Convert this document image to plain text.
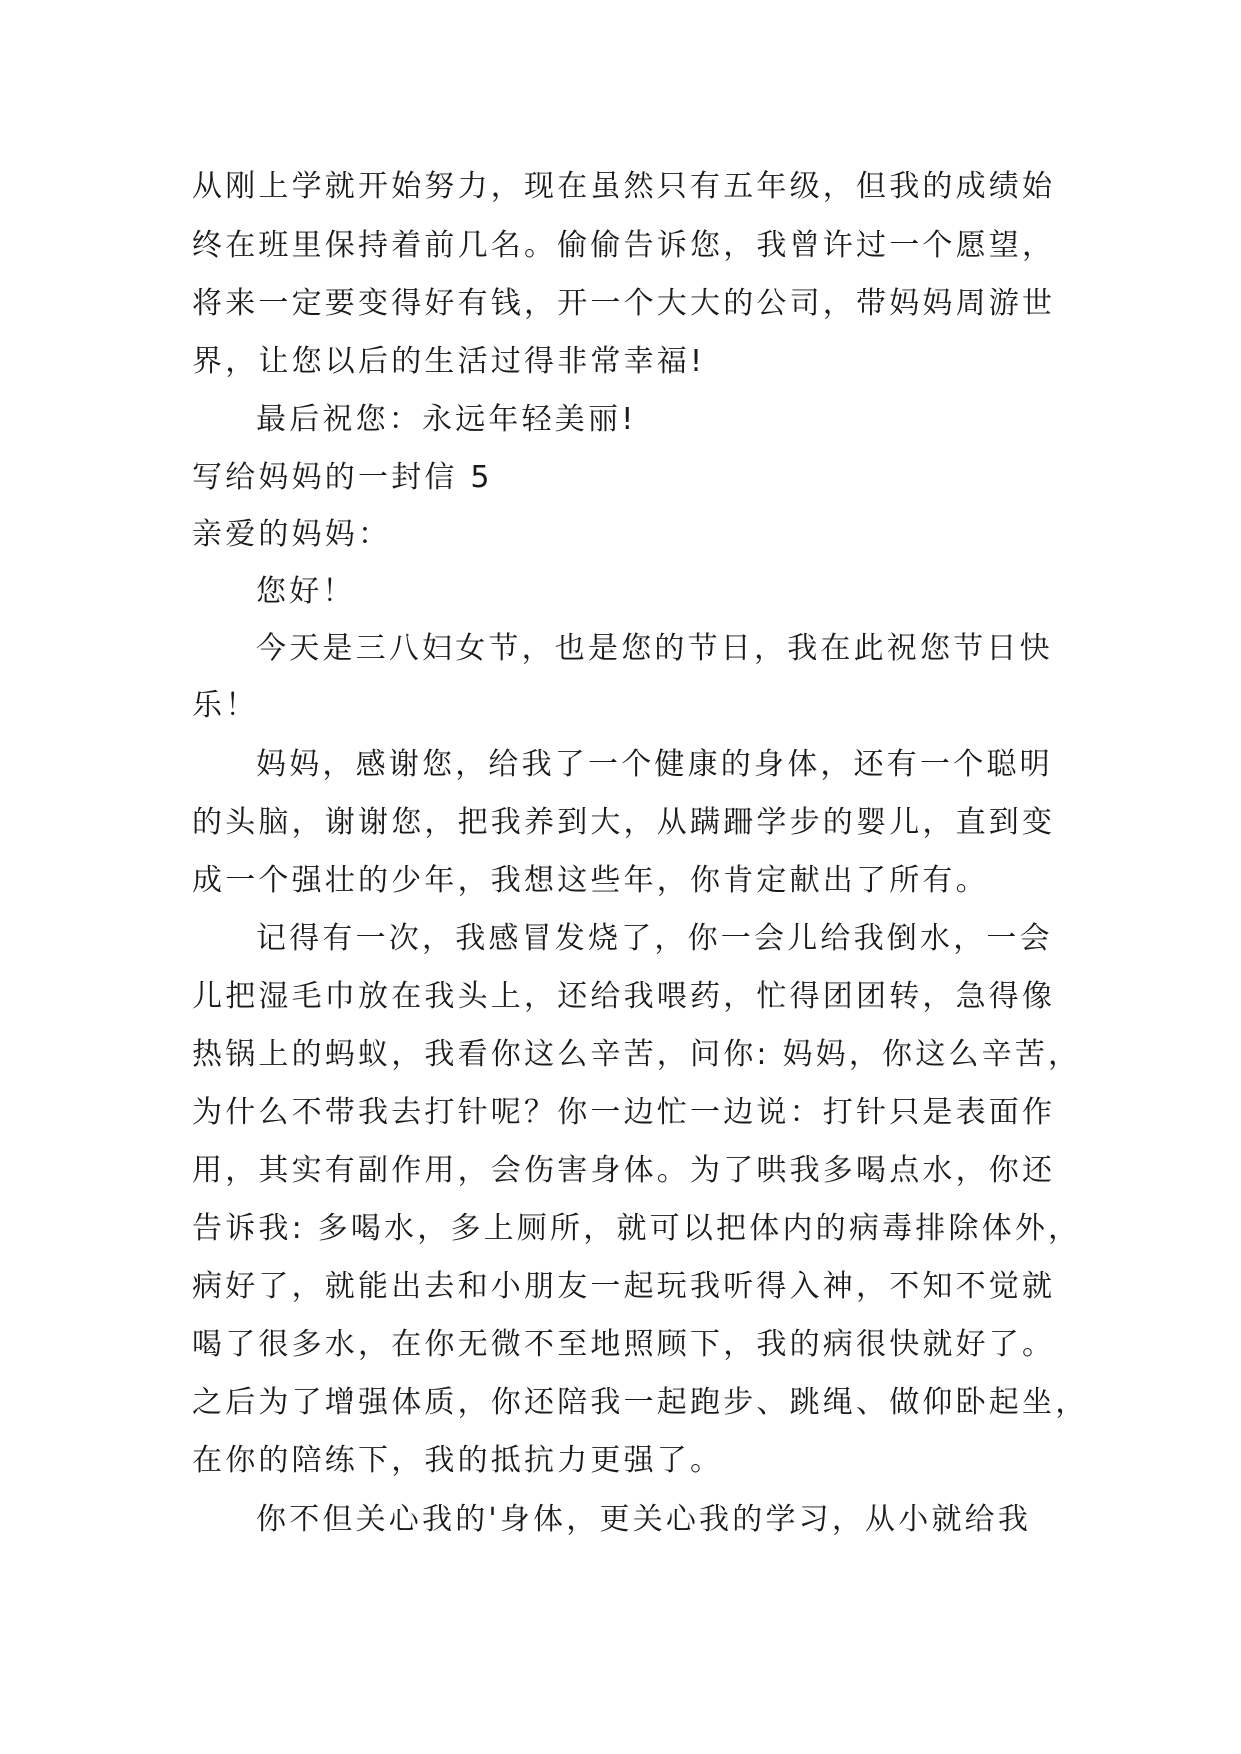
从刚上学就开始努力，现在虽然只有五年级，但我的成绩始
终在班里保持着前几名。偷偷告诉您，我曾许过一个愿望，
将来一定要变得好有钱，开一个大大的公司，带妈妈周游世
界，让您以后的生活过得非常幸福!
最后祝您：永远年轻美丽!
写给妈妈的一封信 5
亲爱的妈妈：
您好！
今天是三八妇女节，也是您的节日，我在此祝您节日快
乐！
妈妈，感谢您，给我了一个健康的身体，还有一个聪明
的头脑，谢谢您，把我养到大，从蹒跚学步的婴儿，直到变
成一个强壮的少年，我想这些年，你肯定献出了所有。
记得有一次，我感冒发烧了，你一会儿给我倒水，一会
儿把湿毛巾放在我头上，还给我喂药，忙得团团转，急得像
热锅上的蚂蚁，我看你这么辛苦，问你: 妈妈，你这么辛苦，
为什么不带我去打针呢？你一边忙一边说：打针只是表面作
用，其实有副作用，会伤害身体。为了哄我多喝点水，你还
告诉我: 多喝水，多上厕所，就可以把体内的病毒排除体外，
病好了，就能出去和小朋友一起玩我听得入神，不知不觉就
喝了很多水，在你无微不至地照顾下，我的病很快就好了。
之后为了增强体质，你还陪我一起跑步、跳绳、做仰卧起坐，
在你的陪练下，我的抵抗力更强了。
你不但关心我的'身体，更关心我的学习，从小就给我
